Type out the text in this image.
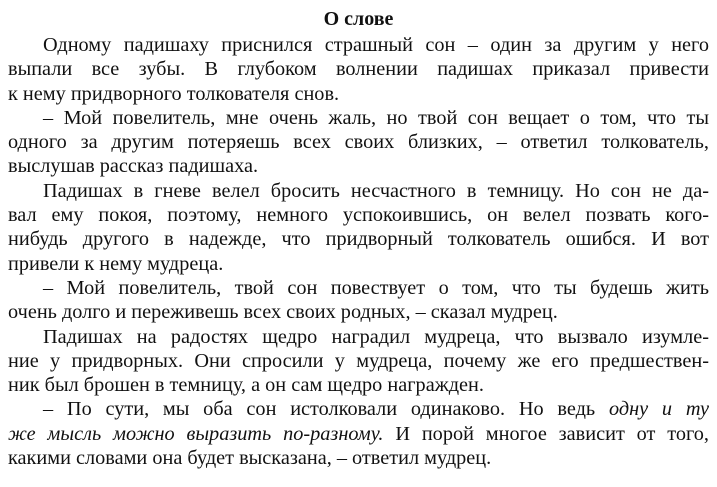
О слове
Одному падишаху приснился страшный сон – один за другим у него
выпали все зубы. В глубоком волнении падишах приказал привести
к нему придворного толкователя снов.
– Мой повелитель, мне очень жаль, но твой сон вещает о том, что ты
одного за другим потеряешь всех своих близких, – ответил толкователь,
выслушав рассказ падишаха.
Падишах в гневе велел бросить несчастного в темницу. Но сон не да-
вал ему покоя, поэтому, немного успокоившись, он велел позвать кого-
нибудь другого в надежде, что придворный толкователь ошибся. И вот
привели к нему мудреца.
– Мой повелитель, твой сон повествует о том, что ты будешь жить
очень долго и переживешь всех своих родных, – сказал мудрец.
Падишах на радостях щедро наградил мудреца, что вызвало изумле-
ние у придворных. Они спросили у мудреца, почему же его предшествен-
ник был брошен в темницу, а он сам щедро награжден.
– По сути, мы оба сон истолковали одинаково. Но ведь одну и ту
же мысль можно выразить по-разному. И порой многое зависит от того,
какими словами она будет высказана, – ответил мудрец.
